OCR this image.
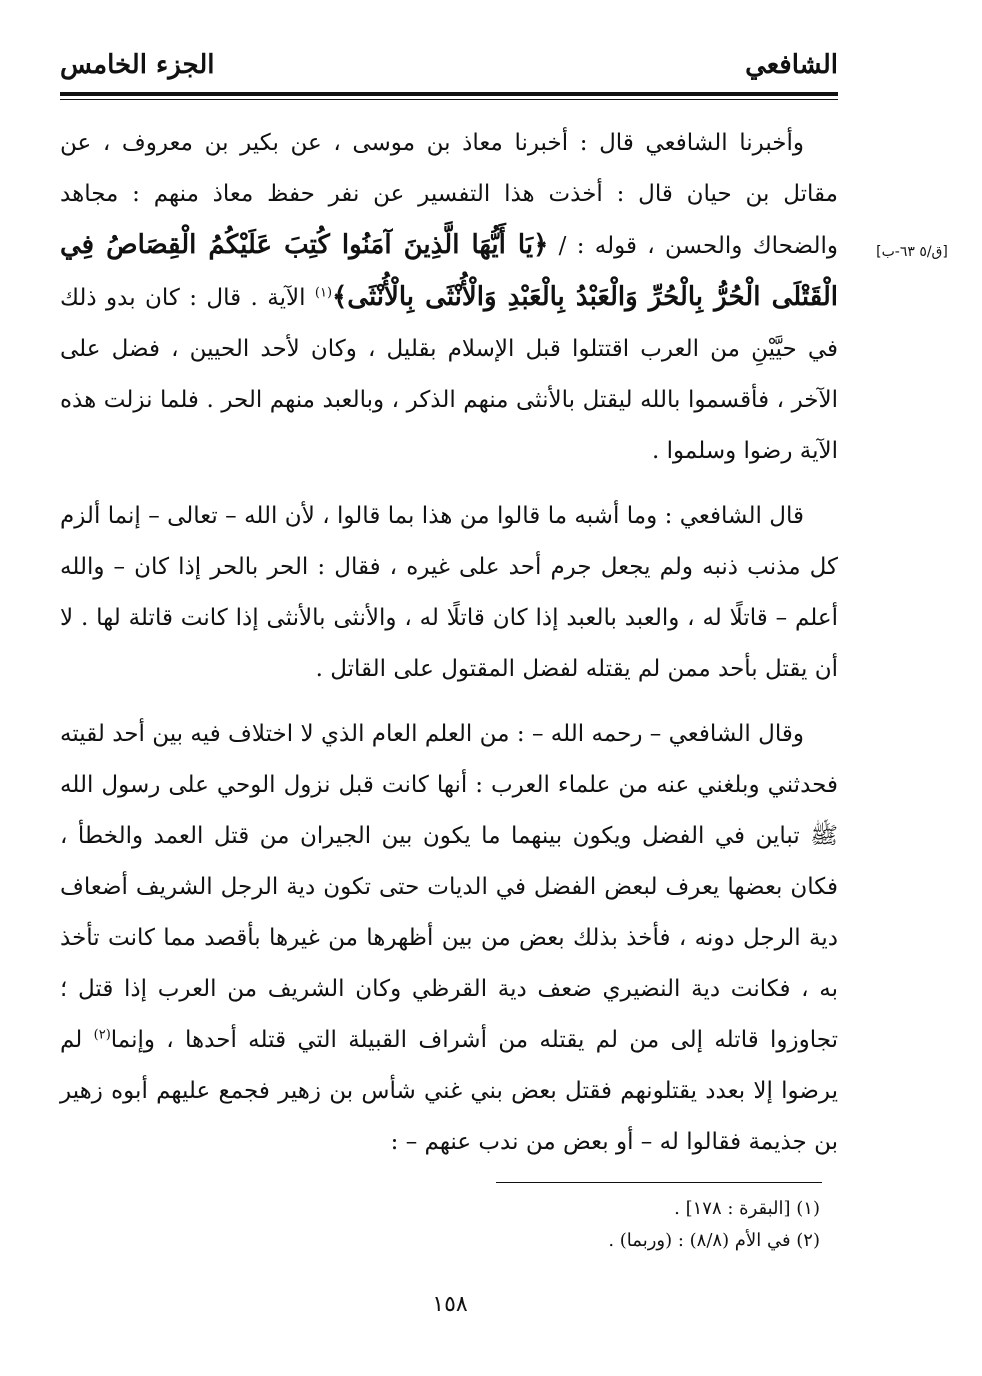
الشافعي
الجزء الخامس
[ق/٥ ٦٣-ب]

وأخبرنا الشافعي قال : أخبرنا معاذ بن موسى ، عن بكير بن معروف ، عن مقاتل بن حيان قال : أخذت هذا التفسير عن نفر حفظ معاذ منهم : مجاهد والضحاك والحسن ، قوله : / ﴿يَا أَيُّهَا الَّذِينَ آمَنُوا كُتِبَ عَلَيْكُمُ الْقِصَاصُ فِي الْقَتْلَى الْحُرُّ بِالْحُرِّ وَالْعَبْدُ بِالْعَبْدِ وَالْأُنْثَى بِالْأُنْثَى﴾$^{(١)}$ الآية . قال : كان بدو ذلك في حيَّيْنِ من العرب اقتتلوا قبل الإسلام بقليل ، وكان لأحد الحيين ، فضل على الآخر ، فأقسموا بالله ليقتل بالأنثى منهم الذكر ، وبالعبد منهم الحر . فلما نزلت هذه الآية رضوا وسلموا .

قال الشافعي : وما أشبه ما قالوا من هذا بما قالوا ، لأن الله – تعالى – إنما ألزم كل مذنب ذنبه ولم يجعل جرم أحد على غيره ، فقال : الحر بالحر إذا كان – والله أعلم – قاتلًا له ، والعبد بالعبد إذا كان قاتلًا له ، والأنثى بالأنثى إذا كانت قاتلة لها . لا أن يقتل بأحد ممن لم يقتله لفضل المقتول على القاتل .

وقال الشافعي – رحمه الله – : من العلم العام الذي لا اختلاف فيه بين أحد لقيته فحدثني وبلغني عنه من علماء العرب : أنها كانت قبل نزول الوحي على رسول الله ﷺ تباين في الفضل ويكون بينهما ما يكون بين الجيران من قتل العمد والخطأ ، فكان بعضها يعرف لبعض الفضل في الديات حتى تكون دية الرجل الشريف أضعاف دية الرجل دونه ، فأخذ بذلك بعض من بين أظهرها من غيرها بأقصد مما كانت تأخذ به ، فكانت دية النضيري ضعف دية القرظي وكان الشريف من العرب إذا قتل ؛ تجاوزوا قاتله إلى من لم يقتله من أشراف القبيلة التي قتله أحدها ، وإنما$^{(٢)}$ لم يرضوا إلا بعدد يقتلونهم فقتل بعض بني غني شأس بن زهير فجمع عليهم أبوه زهير بن جذيمة فقالوا له – أو بعض من ندب عنهم – :

(١) [البقرة : ١٧٨] .
(٢) في الأم (٨/٨) : (وربما) .
١٥٨
